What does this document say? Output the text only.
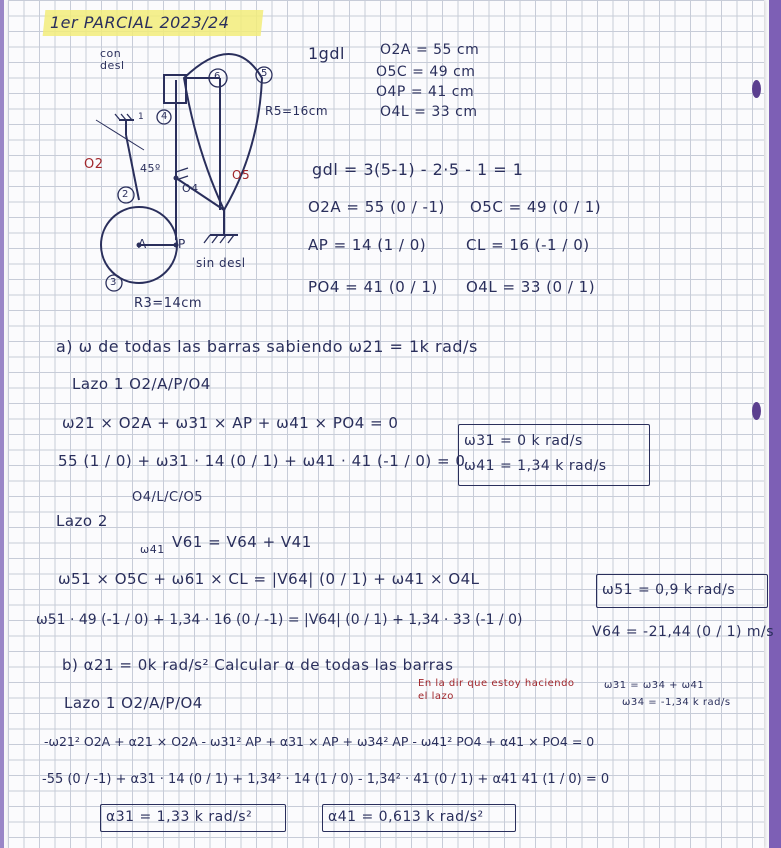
1er PARCIAL 2023/24
con desl
O2
O5
O4
A	P
45º
R5=16cm
R3=14cm
sin desl
1
2
3
4
5
6
1gdl	O2A = 55 cm
O5C = 49 cm
O4P = 41 cm
O4L = 33 cm
gdl = 3(5-1) - 2·5 - 1 = 1
O2A = 55 (0 / -1) O5C = 49 (0 / 1)
AP = 14 (1 / 0)	CL = 16 (-1 / 0)
PO4 = 41 (0 / 1) O4L = 33 (0 / 1)
a) ω de todas las barras sabiendo ω21 = 1k rad/s
Lazo 1 O2/A/P/O4
ω21 × O2A + ω31 × AP + ω41 × PO4 = 0
55 (1 / 0) + ω31 · 14 (0 / 1) + ω41 · 41 (-1 / 0) = 0
ω31 = 0 k rad/s
ω41 = 1,34 k rad/s
O4/L/C/O5
Lazo 2
ω41 V61 = V64 + V41
ω51 × O5C + ω61 × CL = |V64| (0 / 1) + ω41 × O4L
ω51 · 49 (-1 / 0) + 1,34 · 16 (0 / -1) = |V64| (0 / 1) + 1,34 · 33 (-1 / 0)
ω51 = 0,9 k rad/s
V64 = -21,44 (0 / 1) m/s
b) α21 = 0k rad/s² Calcular α de todas las barras
En la dir que estoy haciendo el lazo
ω31 = ω34 + ω41
ω34 = -1,34 k rad/s
Lazo 1 O2/A/P/O4
-ω21² O2A + α21 × O2A - ω31² AP + α31 × AP + ω34² AP - ω41² PO4 + α41 × PO4 = 0
-55 (0 / -1) + α31 · 14 (0 / 1) + 1,34² · 14 (1 / 0) - 1,34² · 41 (0 / 1) + α41 41 (1 / 0) = 0
α31 = 1,33 k rad/s²	α41 = 0,613 k rad/s²
